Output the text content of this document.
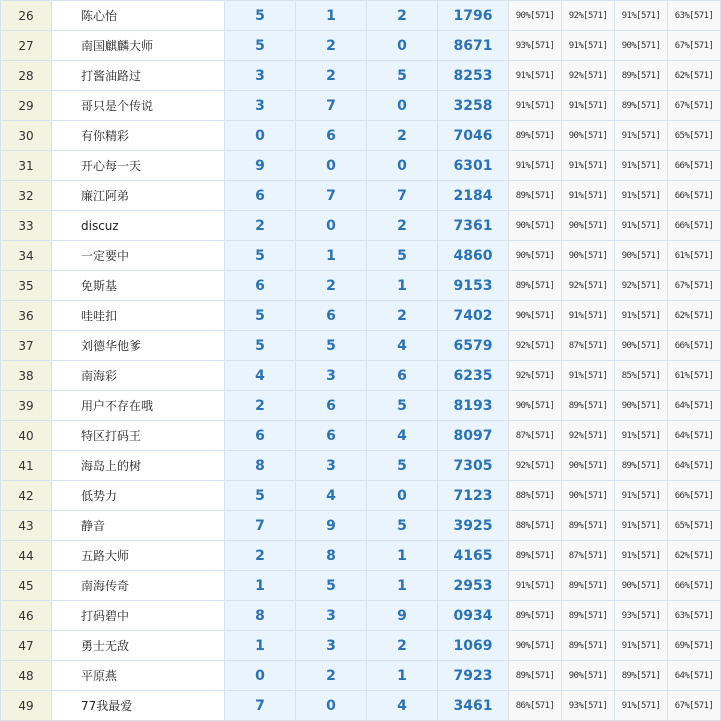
26	陈心怡	5	1	2	1796	90%[571]	92%[571]	91%[571]	63%[571]
27	南国麒麟大师	5	2	0	8671	93%[571]	91%[571]	90%[571]	67%[571]
28	打酱油路过	3	2	5	8253	91%[571]	92%[571]	89%[571]	62%[571]
29	哥只是个传说	3	7	0	3258	91%[571]	91%[571]	89%[571]	67%[571]
30	有你精彩	0	6	2	7046	89%[571]	90%[571]	91%[571]	65%[571]
31	开心每一天	9	0	0	6301	91%[571]	91%[571]	91%[571]	66%[571]
32	廉江阿弟	6	7	7	2184	89%[571]	91%[571]	91%[571]	66%[571]
33	discuz	2	0	2	7361	90%[571]	90%[571]	91%[571]	66%[571]
34	一定要中	5	1	5	4860	90%[571]	90%[571]	90%[571]	61%[571]
35	免斯基	6	2	1	9153	89%[571]	92%[571]	92%[571]	67%[571]
36	哇哇扣	5	6	2	7402	90%[571]	91%[571]	91%[571]	62%[571]
37	刘德华他爹	5	5	4	6579	92%[571]	87%[571]	90%[571]	66%[571]
38	南海彩	4	3	6	6235	92%[571]	91%[571]	85%[571]	61%[571]
39	用户不存在哦	2	6	5	8193	90%[571]	89%[571]	90%[571]	64%[571]
40	特区打码王	6	6	4	8097	87%[571]	92%[571]	91%[571]	64%[571]
41	海岛上的树	8	3	5	7305	92%[571]	90%[571]	89%[571]	64%[571]
42	低势力	5	4	0	7123	88%[571]	90%[571]	91%[571]	66%[571]
43	静音	7	9	5	3925	88%[571]	89%[571]	91%[571]	65%[571]
44	五路大师	2	8	1	4165	89%[571]	87%[571]	91%[571]	62%[571]
45	南海传奇	1	5	1	2953	91%[571]	89%[571]	90%[571]	66%[571]
46	打码碧中	8	3	9	0934	89%[571]	89%[571]	93%[571]	63%[571]
47	勇士无敌	1	3	2	1069	90%[571]	89%[571]	91%[571]	69%[571]
48	平原燕	0	2	1	7923	89%[571]	90%[571]	89%[571]	64%[571]
49	77我最爱	7	0	4	3461	86%[571]	93%[571]	91%[571]	67%[571]
